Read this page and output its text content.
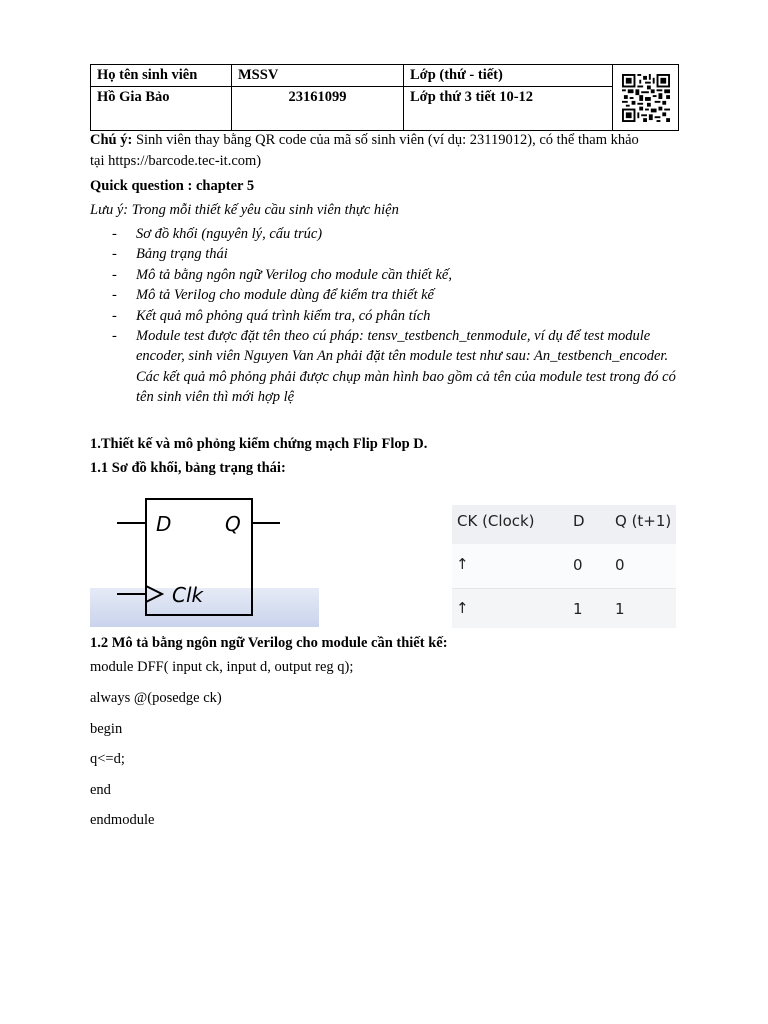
Họ tên sinh viên	MSSV	Lớp (thứ - tiết)	

Hồ Gia Bảo	23161099	Lớp thứ 3 tiết 10-12	
Chú ý: Sinh viên thay bằng QR code của mã số sinh viên (ví dụ: 23119012), có thể tham khảo
tại https://barcode.tec-it.com)
Quick question : chapter 5
Lưu ý: Trong mỗi thiết kế yêu cầu sinh viên thực hiện
- Sơ đồ khối (nguyên lý, cấu trúc)
- Bảng trạng thái
- Mô tả bằng ngôn ngữ Verilog cho module cần thiết kế,
- Mô tả Verilog cho module dùng để kiểm tra thiết kế
- Kết quả mô phỏng quá trình kiểm tra, có phân tích
- Module test được đặt tên theo cú pháp: tensv_testbench_tenmodule, ví dụ để test module encoder, sinh viên Nguyen Van An phải đặt tên module test như sau: An_testbench_encoder. Các kết quả mô phỏng phải được chụp màn hình bao gồm cả tên của module test trong đó có tên sinh viên thì mới hợp lệ
1.Thiết kế và mô phỏng kiểm chứng mạch Flip Flop D.
1.1 Sơ đồ khối, bảng trạng thái:
D	Q
Clk
CK (Clock)	D Q (t+1)
↑	0 0
↑	1 1
1.2 Mô tả bằng ngôn ngữ Verilog cho module cần thiết kế:
module DFF( input ck, input d, output reg q);
always @(posedge ck)
begin
q<=d;
end
endmodule
